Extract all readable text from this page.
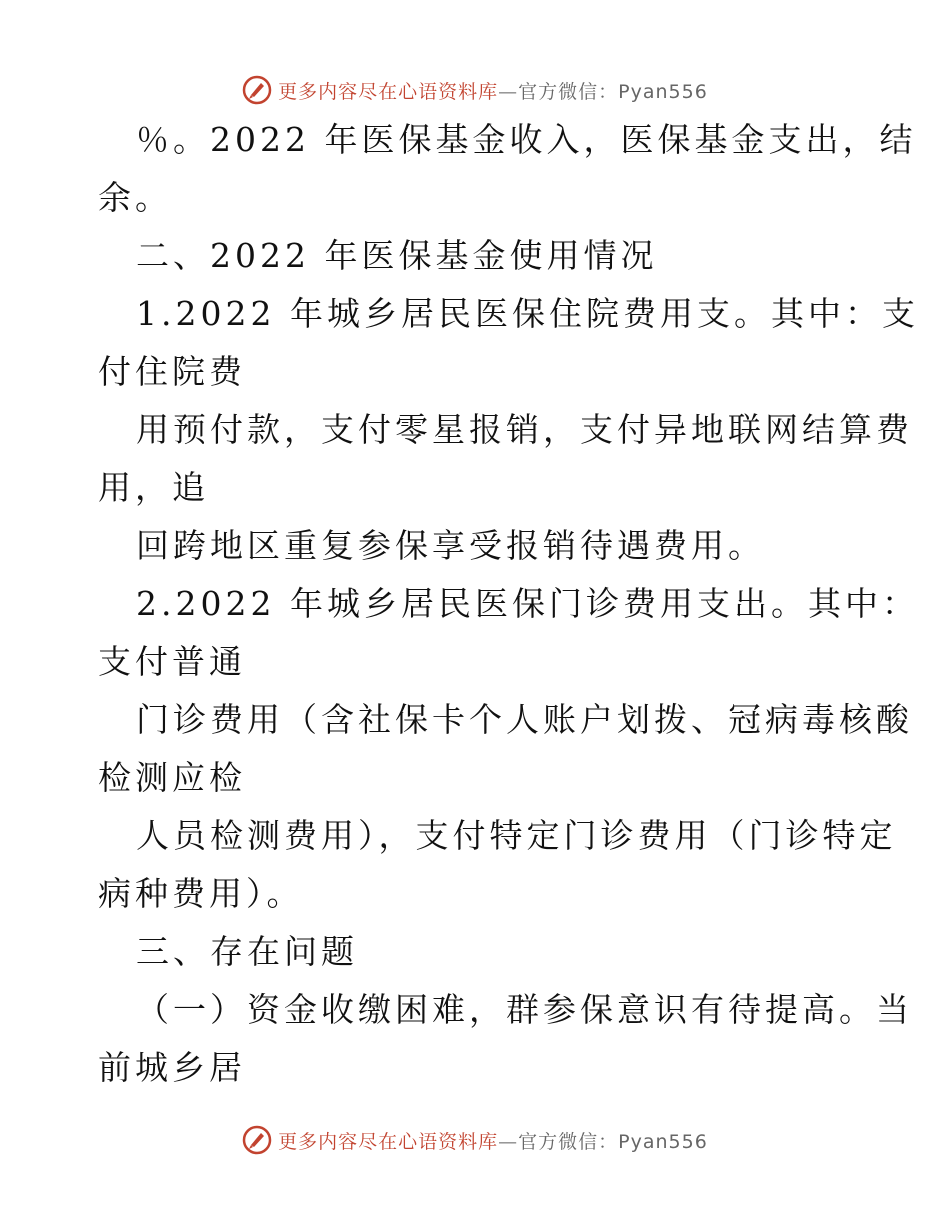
更多内容尽在心语资料库—官方微信：Pyan556
％。2022 年医保基金收入，医保基金支出，结
余。
二、2022 年医保基金使用情况
1.2022 年城乡居民医保住院费用支。其中：支
付住院费
用预付款，支付零星报销，支付异地联网结算费
用，追
回跨地区重复参保享受报销待遇费用。
2.2022 年城乡居民医保门诊费用支出。其中：
支付普通
门诊费用（含社保卡个人账户划拨、冠病毒核酸
检测应检
人员检测费用），支付特定门诊费用（门诊特定
病种费用）。
三、存在问题
（一）资金收缴困难，群参保意识有待提高。当
前城乡居
更多内容尽在心语资料库—官方微信：Pyan556
